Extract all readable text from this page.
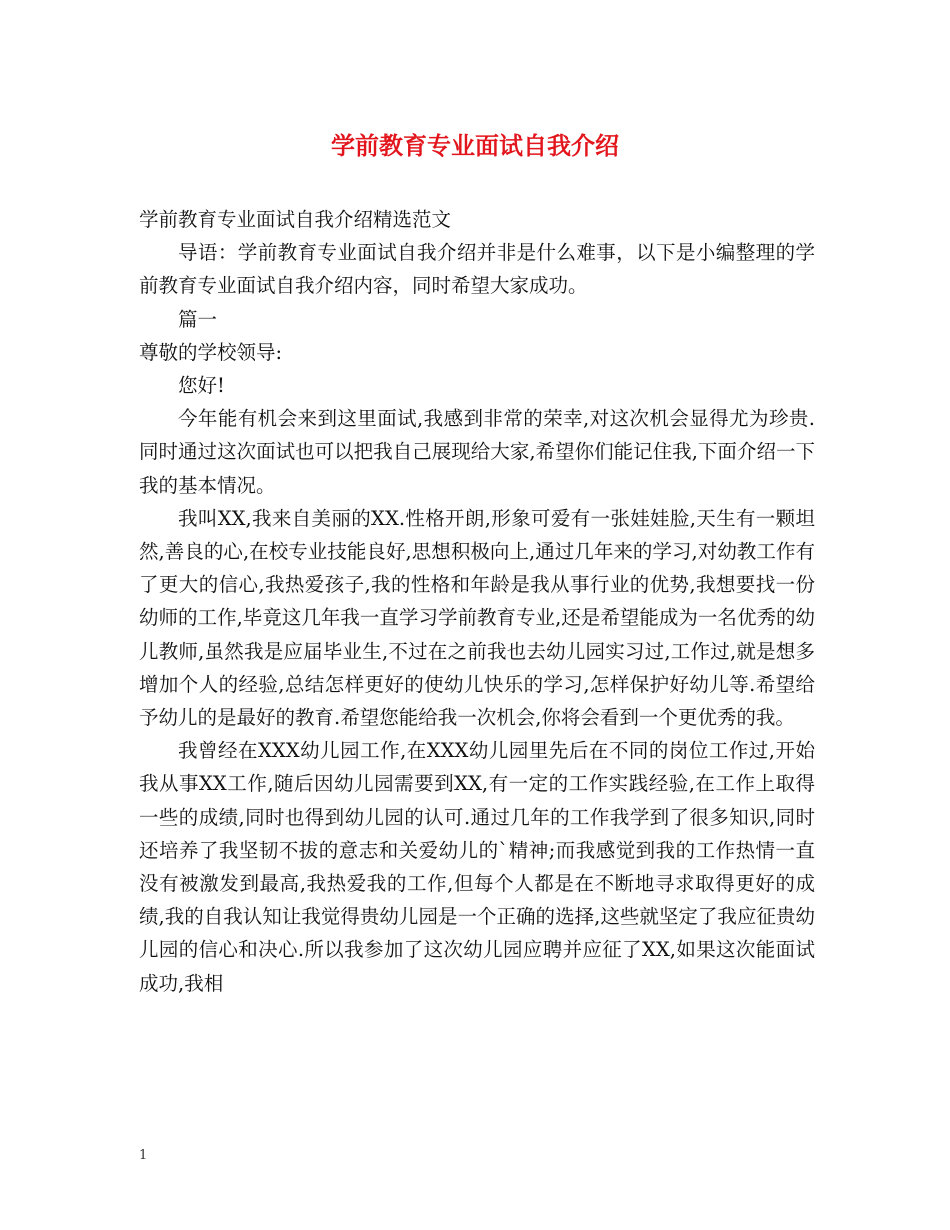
学前教育专业面试自我介绍

学前教育专业面试自我介绍精选范文

导语：学前教育专业面试自我介绍并非是什么难事，以下是小编整理的学前教育专业面试自我介绍内容，同时希望大家成功。

篇一

尊敬的学校领导:

您好!

今年能有机会来到这里面试,我感到非常的荣幸,对这次机会显得尤为珍贵.同时通过这次面试也可以把我自己展现给大家,希望你们能记住我,下面介绍一下我的基本情况。

我叫XX,我来自美丽的XX.性格开朗,形象可爱有一张娃娃脸,天生有一颗坦然,善良的心,在校专业技能良好,思想积极向上,通过几年来的学习,对幼教工作有了更大的信心,我热爱孩子,我的性格和年龄是我从事行业的优势,我想要找一份幼师的工作,毕竟这几年我一直学习学前教育专业,还是希望能成为一名优秀的幼儿教师,虽然我是应届毕业生,不过在之前我也去幼儿园实习过,工作过,就是想多增加个人的经验,总结怎样更好的使幼儿快乐的学习,怎样保护好幼儿等.希望给予幼儿的是最好的教育.希望您能给我一次机会,你将会看到一个更优秀的我。

我曾经在XXX幼儿园工作,在XXX幼儿园里先后在不同的岗位工作过,开始我从事XX工作,随后因幼儿园需要到XX,有一定的工作实践经验,在工作上取得一些的成绩,同时也得到幼儿园的认可.通过几年的工作我学到了很多知识,同时还培养了我坚韧不拔的意志和关爱幼儿的`精神;而我感觉到我的工作热情一直没有被激发到最高,我热爱我的工作,但每个人都是在不断地寻求取得更好的成绩,我的自我认知让我觉得贵幼儿园是一个正确的选择,这些就坚定了我应征贵幼儿园的信心和决心.所以我参加了这次幼儿园应聘并应征了XX,如果这次能面试成功,我相

1
